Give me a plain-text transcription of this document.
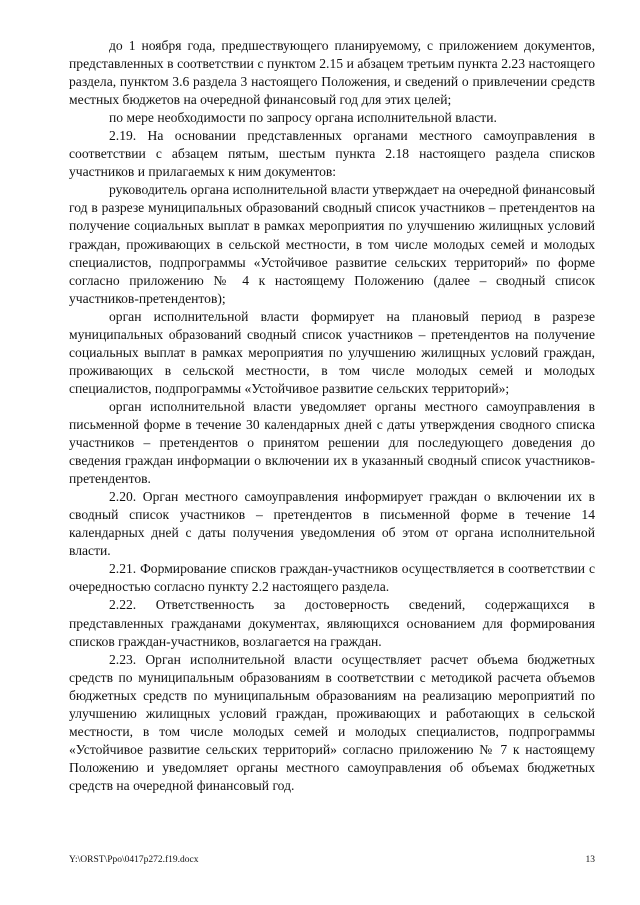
до 1 ноября года, предшествующего планируемому, с приложением документов, представленных в соответствии с пунктом 2.15 и абзацем третьим пункта 2.23 настоящего раздела, пунктом 3.6 раздела 3 настоящего Положения, и сведений о привлечении средств местных бюджетов на очередной финансовый год для этих целей;

по мере необходимости по запросу органа исполнительной власти.

2.19. На основании представленных органами местного самоуправления в соответствии с абзацем пятым, шестым пункта 2.18 настоящего раздела списков участников и прилагаемых к ним документов:

руководитель органа исполнительной власти утверждает на очередной финансовый год в разрезе муниципальных образований сводный список участников – претендентов на получение социальных выплат в рамках мероприятия по улучшению жилищных условий граждан, проживающих в сельской местности, в том числе молодых семей и молодых специалистов, подпрограммы «Устойчивое развитие сельских территорий» по форме согласно приложению № 4 к настоящему Положению (далее – сводный список участников-претендентов);

орган исполнительной власти формирует на плановый период в разрезе муниципальных образований сводный список участников – претендентов на получение социальных выплат в рамках мероприятия по улучшению жилищных условий граждан, проживающих в сельской местности, в том числе молодых семей и молодых специалистов, подпрограммы «Устойчивое развитие сельских территорий»;

орган исполнительной власти уведомляет органы местного самоуправления в письменной форме в течение 30 календарных дней с даты утверждения сводного списка участников – претендентов о принятом решении для последующего доведения до сведения граждан информации о включении их в указанный сводный список участников-претендентов.

2.20. Орган местного самоуправления информирует граждан о включении их в сводный список участников – претендентов в письменной форме в течение 14 календарных дней с даты получения уведомления об этом от органа исполнительной власти.

2.21. Формирование списков граждан-участников осуществляется в соответствии с очередностью согласно пункту 2.2 настоящего раздела.

2.22. Ответственность за достоверность сведений, содержащихся в представленных гражданами документах, являющихся основанием для формирования списков граждан-участников, возлагается на граждан.

2.23. Орган исполнительной власти осуществляет расчет объема бюджетных средств по муниципальным образованиям в соответствии с методикой расчета объемов бюджетных средств по муниципальным образованиям на реализацию мероприятий по улучшению жилищных условий граждан, проживающих и работающих в сельской местности, в том числе молодых семей и молодых специалистов, подпрограммы «Устойчивое развитие сельских территорий» согласно приложению № 7 к настоящему Положению и уведомляет органы местного самоуправления об объемах бюджетных средств на очередной финансовый год.

Y:\ORST\Ppo\0417p272.f19.docx	13
